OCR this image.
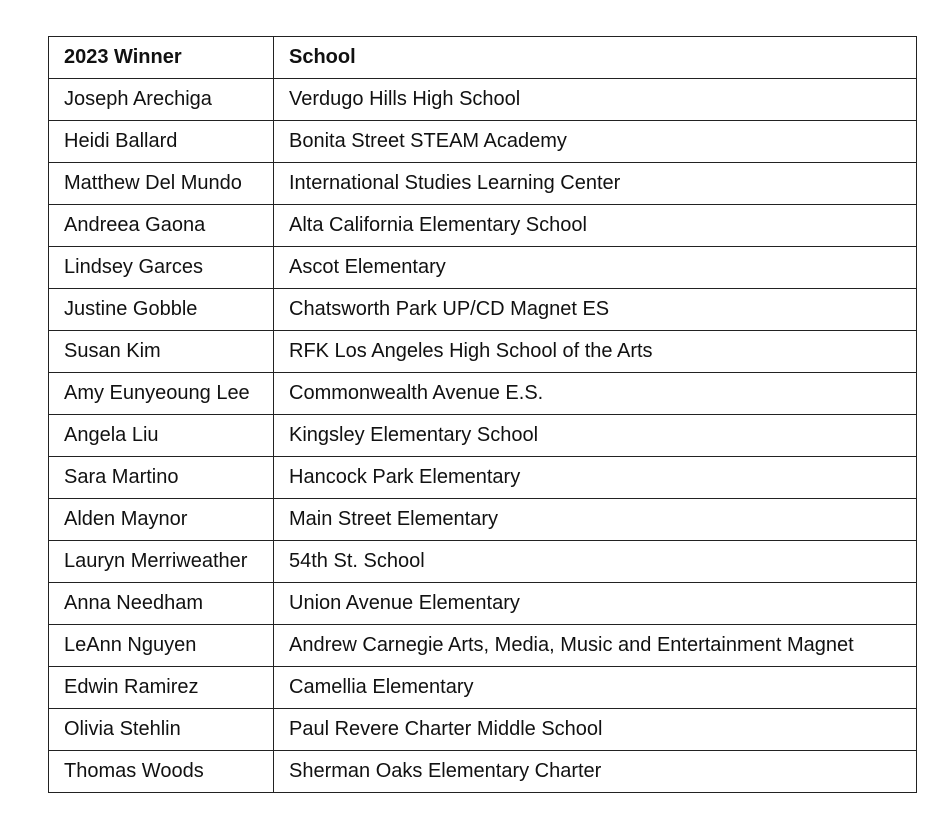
2023 Winner	School
Joseph Arechiga	Verdugo Hills High School
Heidi Ballard	Bonita Street STEAM Academy
Matthew Del Mundo	International Studies Learning Center
Andreea Gaona	Alta California Elementary School
Lindsey Garces	Ascot Elementary
Justine Gobble	Chatsworth Park UP/CD Magnet ES
Susan Kim	RFK Los Angeles High School of the Arts
Amy Eunyeoung Lee	Commonwealth Avenue E.S.
Angela Liu	Kingsley Elementary School
Sara Martino	Hancock Park Elementary
Alden Maynor	Main Street Elementary
Lauryn Merriweather	54th St. School
Anna Needham	Union Avenue Elementary
LeAnn Nguyen	Andrew Carnegie Arts, Media, Music and Entertainment Magnet
Edwin Ramirez	Camellia Elementary
Olivia Stehlin	Paul Revere Charter Middle School
Thomas Woods	Sherman Oaks Elementary Charter
